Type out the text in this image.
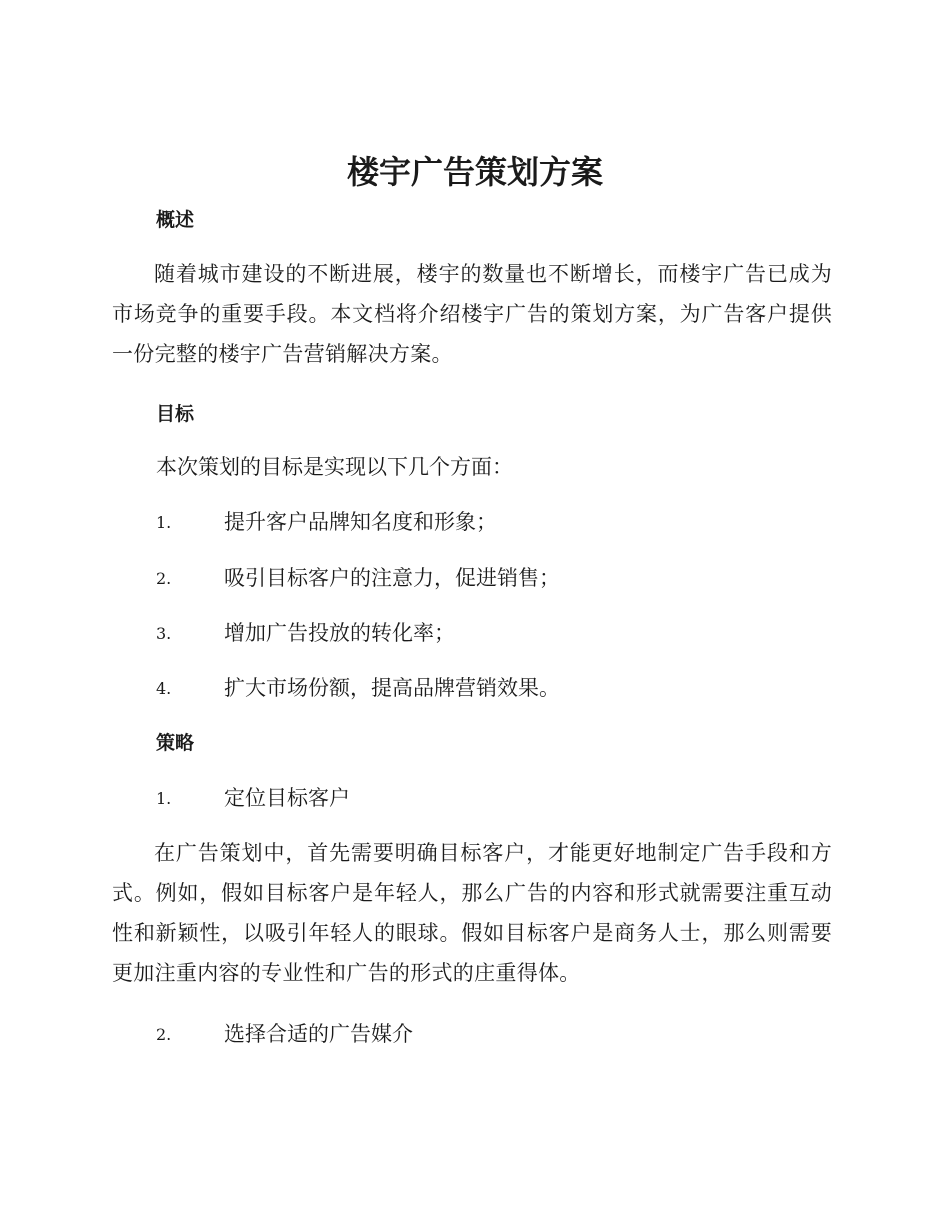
楼宇广告策划方案
概述

随着城市建设的不断进展，楼宇的数量也不断增长，而楼宇广告已成为市场竞争的重要手段。本文档将介绍楼宇广告的策划方案，为广告客户提供一份完整的楼宇广告营销解决方案。

目标

本次策划的目标是实现以下几个方面：

1.	提升客户品牌知名度和形象；
2.	吸引目标客户的注意力，促进销售；
3.	增加广告投放的转化率；
4.	扩大市场份额，提高品牌营销效果。
策略
1.	定位目标客户

在广告策划中，首先需要明确目标客户，才能更好地制定广告手段和方式。例如，假如目标客户是年轻人，那么广告的内容和形式就需要注重互动性和新颖性，以吸引年轻人的眼球。假如目标客户是商务人士，那么则需要更加注重内容的专业性和广告的形式的庄重得体。

2.	选择合适的广告媒介
